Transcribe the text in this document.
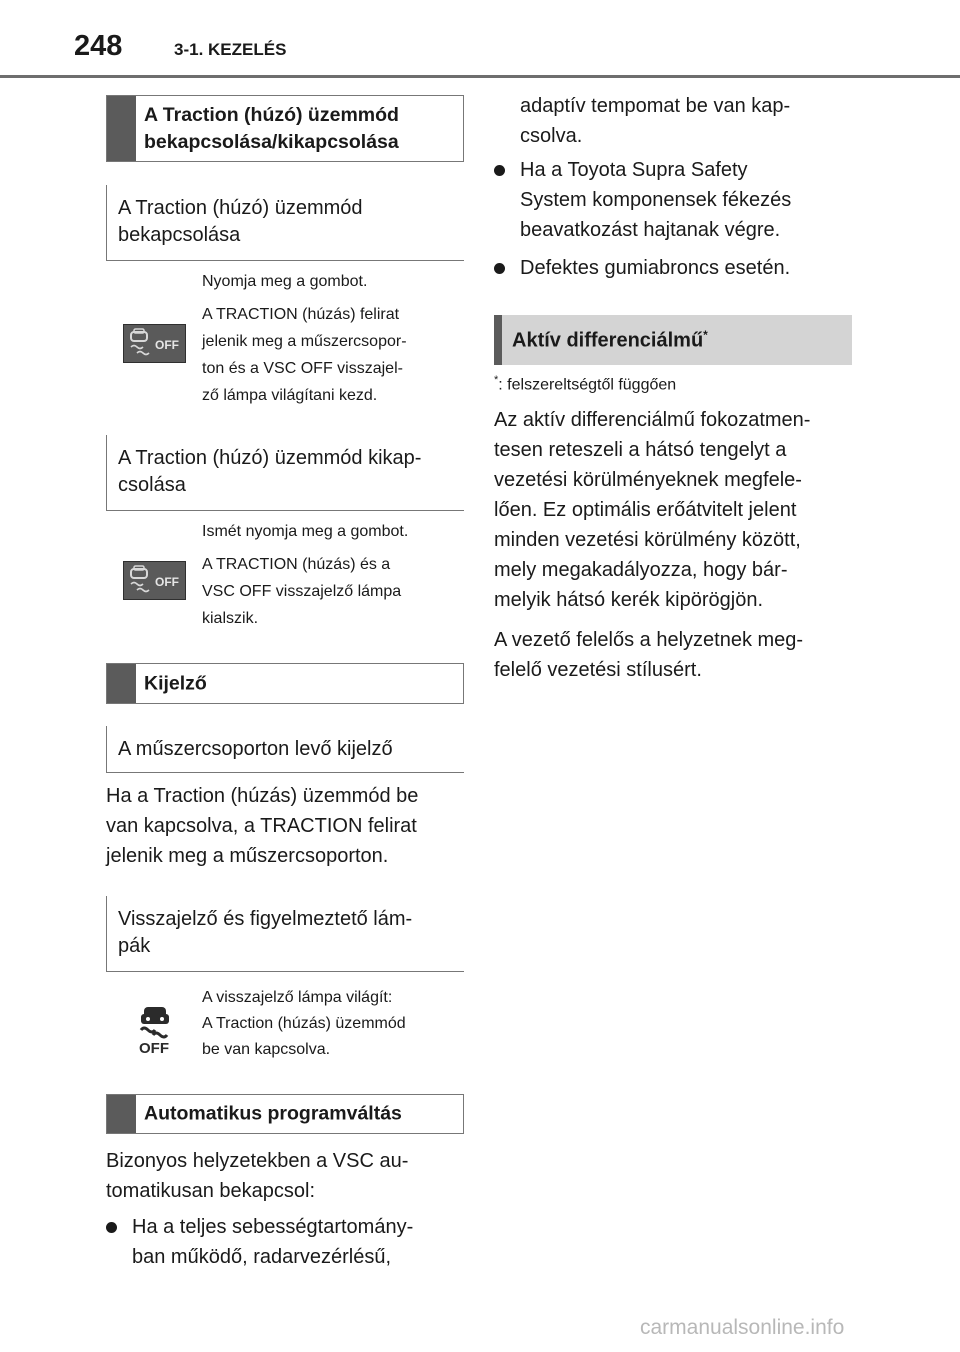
248	3-1. KEZELÉS
A Traction (húzó) üzemmód
bekapcsolása/kikapcsolása
A Traction (húzó) üzemmód
bekapcsolása
OFF

Nyomja meg a gombot.

A TRACTION (húzás) felirat
jelenik meg a műszercsopor-
ton és a VSC OFF visszajel-
ző lámpa világítani kezd.

A Traction (húzó) üzemmód kikap-
csolása
OFF

Ismét nyomja meg a gombot.

A TRACTION (húzás) és a
VSC OFF visszajelző lámpa
kialszik.

Kijelző
A műszercsoporton levő kijelző

Ha a Traction (húzás) üzemmód be

van kapcsolva, a TRACTION felirat

jelenik meg a műszercsoporton.

Visszajelző és figyelmeztető lám-
pák
OFF
A visszajelző lámpa világít:
A Traction (húzás) üzemmód
be van kapcsolva.
Automatikus programváltás

Bizonyos helyzetekben a VSC au-

tomatikusan bekapcsol:

Ha a teljes sebességtartomány-
ban működő, radarvezérlésű,

adaptív tempomat be van kap-

csolva.

Ha a Toyota Supra Safety
System komponensek fékezés
beavatkozást hajtanak végre.
Defektes gumiabroncs esetén.
Aktív differenciálmű*
*: felszereltségtől függően

Az aktív differenciálmű fokozatmen-

tesen reteszeli a hátsó tengelyt a

vezetési körülményeknek megfele-

lően. Ez optimális erőátvitelt jelent

minden vezetési körülmény között,

mely megakadályozza, hogy bár-

melyik hátsó kerék kipörögjön.

A vezető felelős a helyzetnek meg-

felelő vezetési stílusért.

carmanualsonline.info
